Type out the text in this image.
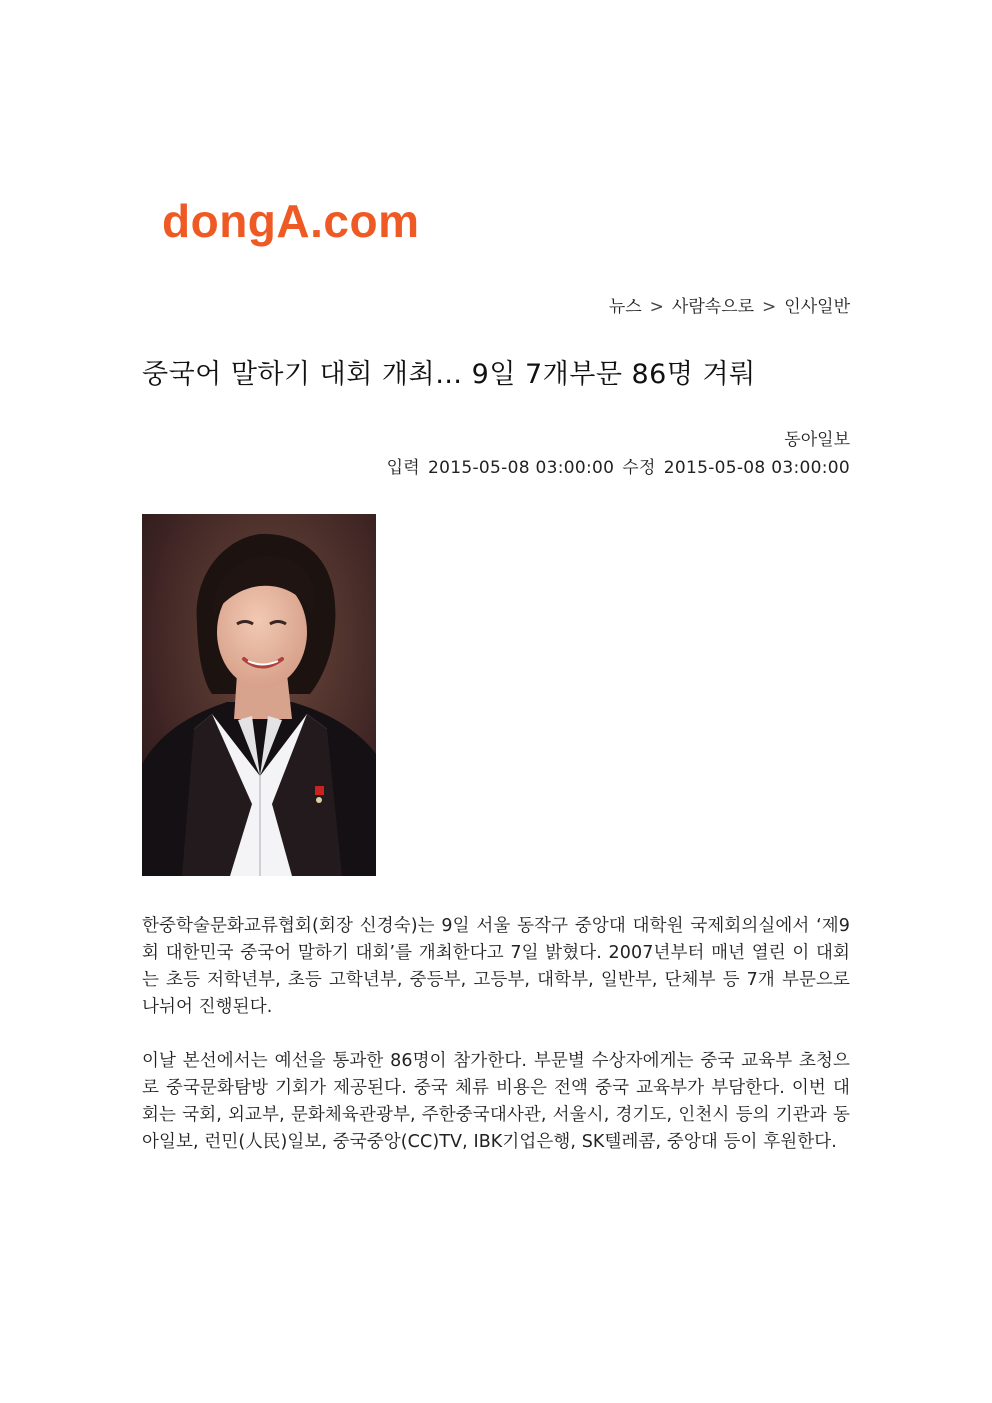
dongA.com
뉴스 > 사람속으로 > 인사일반
중국어 말하기 대회 개최… 9일 7개부문 86명 겨뤄
동아일보
입력 2015-05-08 03:00:00 수정 2015-05-08 03:00:00
한중학술문화교류협회(회장 신경숙)는 9일 서울 동작구 중앙대 대학원 국제회의실에서 ‘제9회 대한민국 중국어 말하기 대회’를 개최한다고 7일 밝혔다. 2007년부터 매년 열린 이 대회는 초등 저학년부, 초등 고학년부, 중등부, 고등부, 대학부, 일반부, 단체부 등 7개 부문으로 나뉘어 진행된다.
이날 본선에서는 예선을 통과한 86명이 참가한다. 부문별 수상자에게는 중국 교육부 초청으로 중국문화탐방 기회가 제공된다. 중국 체류 비용은 전액 중국 교육부가 부담한다. 이번 대회는 국회, 외교부, 문화체육관광부, 주한중국대사관, 서울시, 경기도, 인천시 등의 기관과 동아일보, 런민(人民)일보, 중국중앙(CC)TV, IBK기업은행, SK텔레콤, 중앙대 등이 후원한다.
